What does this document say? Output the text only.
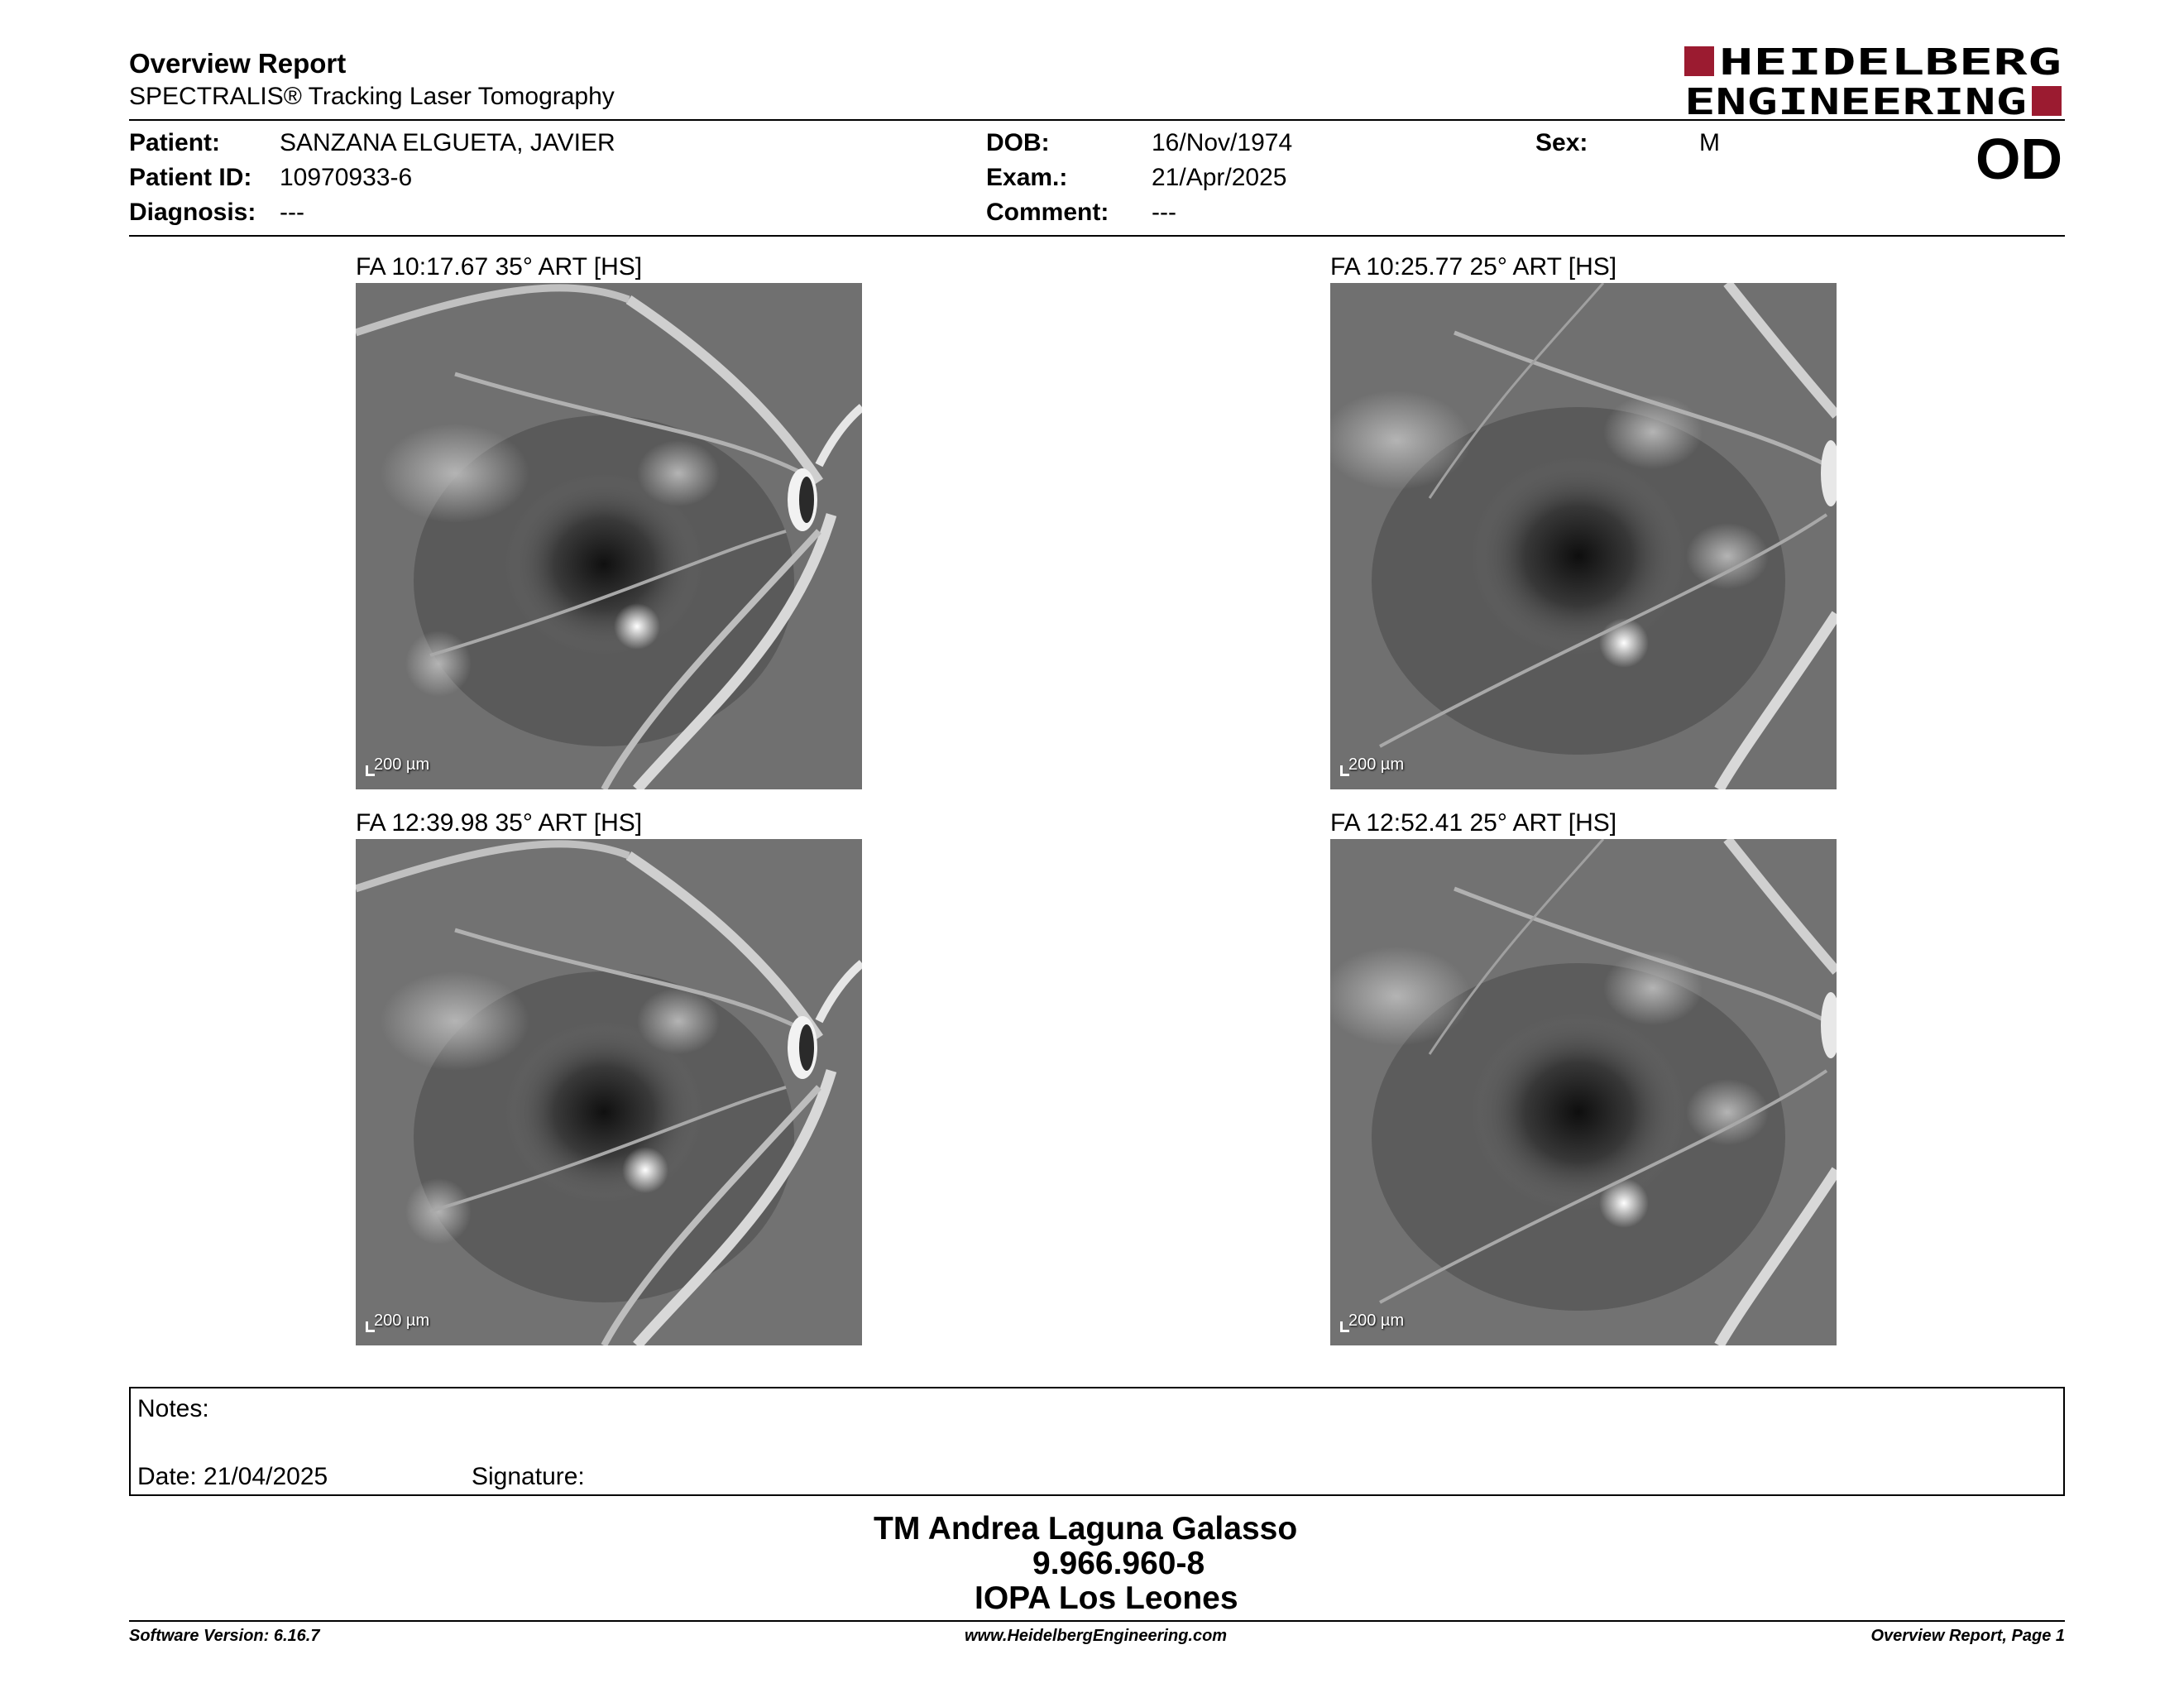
Overview Report
SPECTRALIS® Tracking Laser Tomography
HEIDELBERG
ENGINEERING
Patient: SANZANA ELGUETA, JAVIER
Patient ID: 10970933-6
Diagnosis: ---
DOB:	16/Nov/1974
Exam.:	21/Apr/2025
Comment: ---
Sex:	M	OD
FA 10:17.67 35° ART [HS]
200 µm
FA 10:25.77 25° ART [HS]
200 µm
FA 12:39.98 35° ART [HS]
200 µm
FA 12:52.41 25° ART [HS]
200 µm
Notes:
Date: 21/04/2025	Signature:
TM Andrea Laguna Galasso
9.966.960-8
IOPA Los Leones
Software Version: 6.16.7	www.HeidelbergEngineering.com	Overview Report, Page 1
